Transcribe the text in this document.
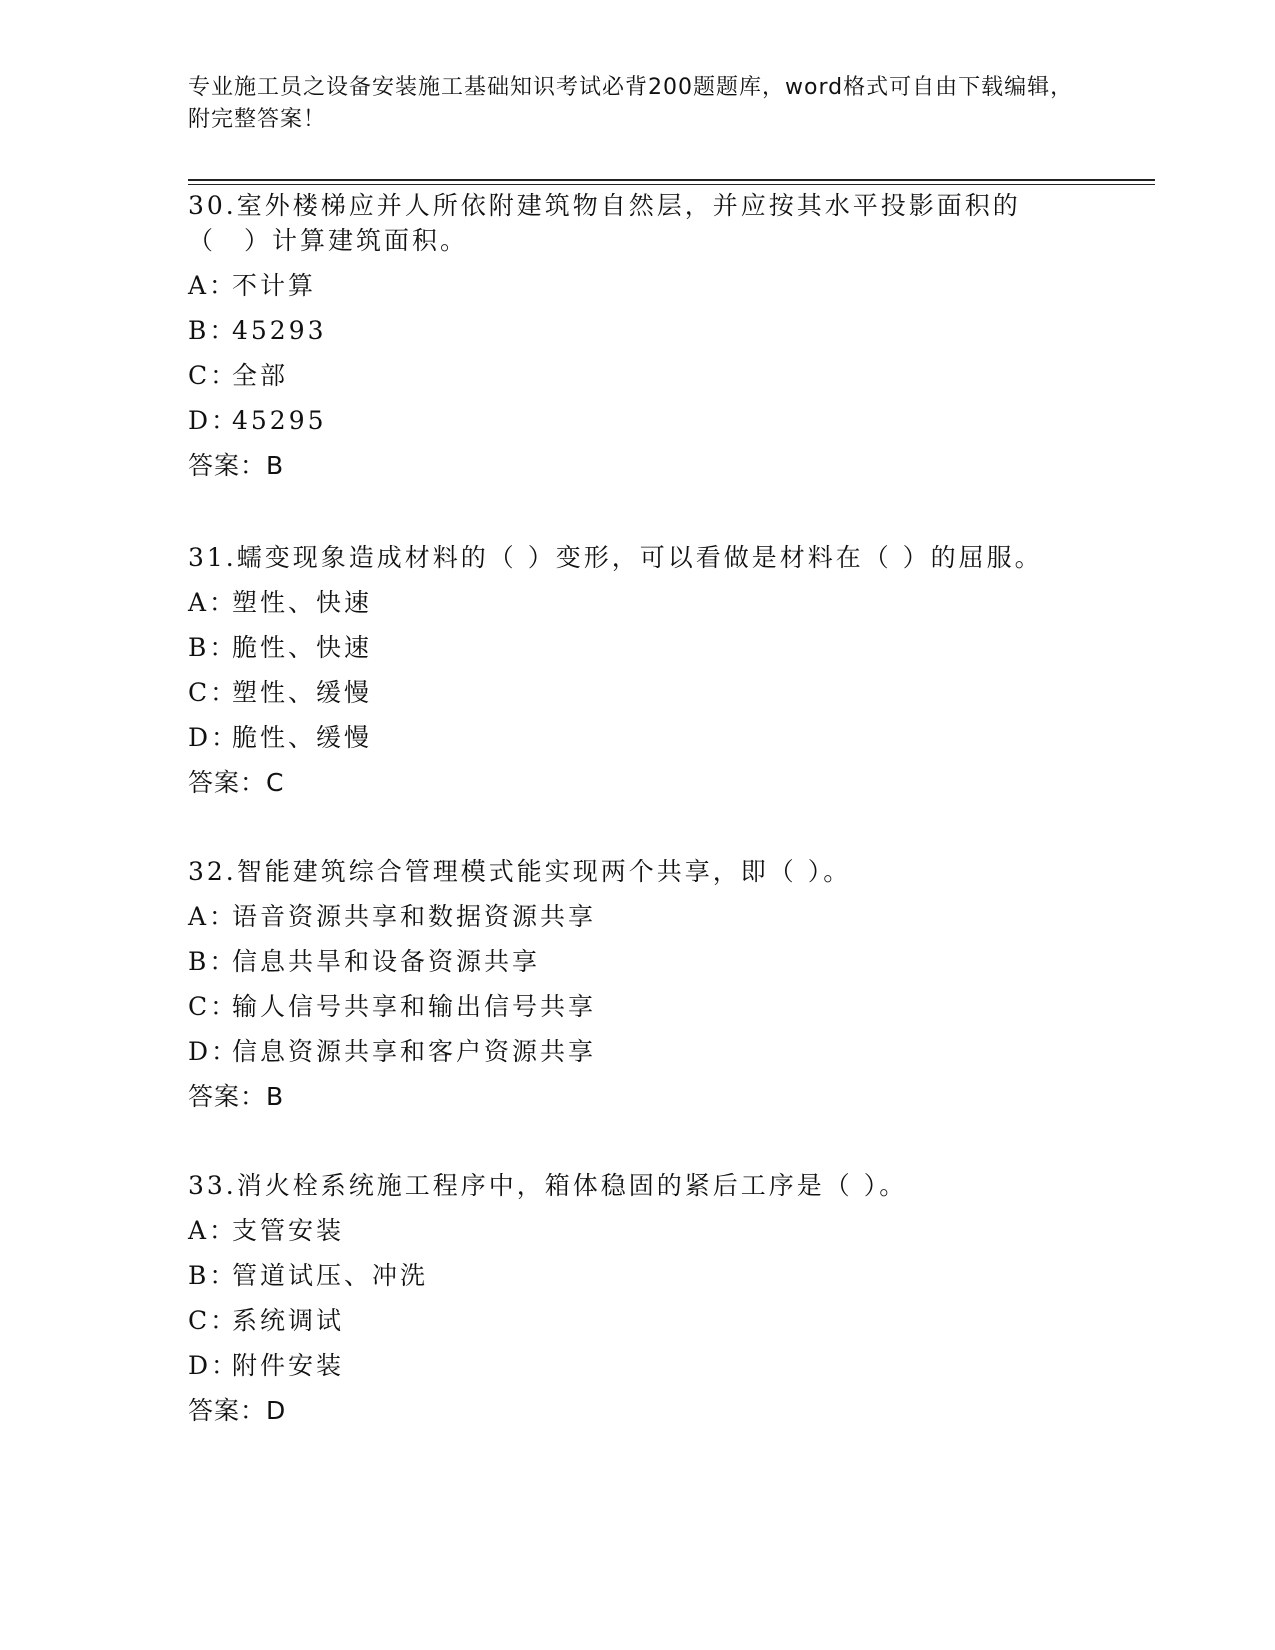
专业施工员之设备安装施工基础知识考试必背200题题库，word格式可自由下载编辑，附完整答案！
30.室外楼梯应并人所依附建筑物自然层，并应按其水平投影面积的（　）计算建筑面积。
A：
不计算
B：
45293
C：
全部
D：
45295
答案：B
31.蠕变现象造成材料的（ ）变形，可以看做是材料在（ ）的屈服。
A：
塑性、快速
B：
脆性、快速
C：
塑性、缓慢
D：
脆性、缓慢
答案：C
32.智能建筑综合管理模式能实现两个共享，即（ ）。
A：
语音资源共享和数据资源共享
B：
信息共旱和设备资源共享
C：
输人信号共享和输出信号共享
D：
信息资源共享和客户资源共享
答案：B
33.消火栓系统施工程序中，箱体稳固的紧后工序是（ ）。
A：
支管安装
B：
管道试压、冲洗
C：
系统调试
D：
附件安装
答案：D
